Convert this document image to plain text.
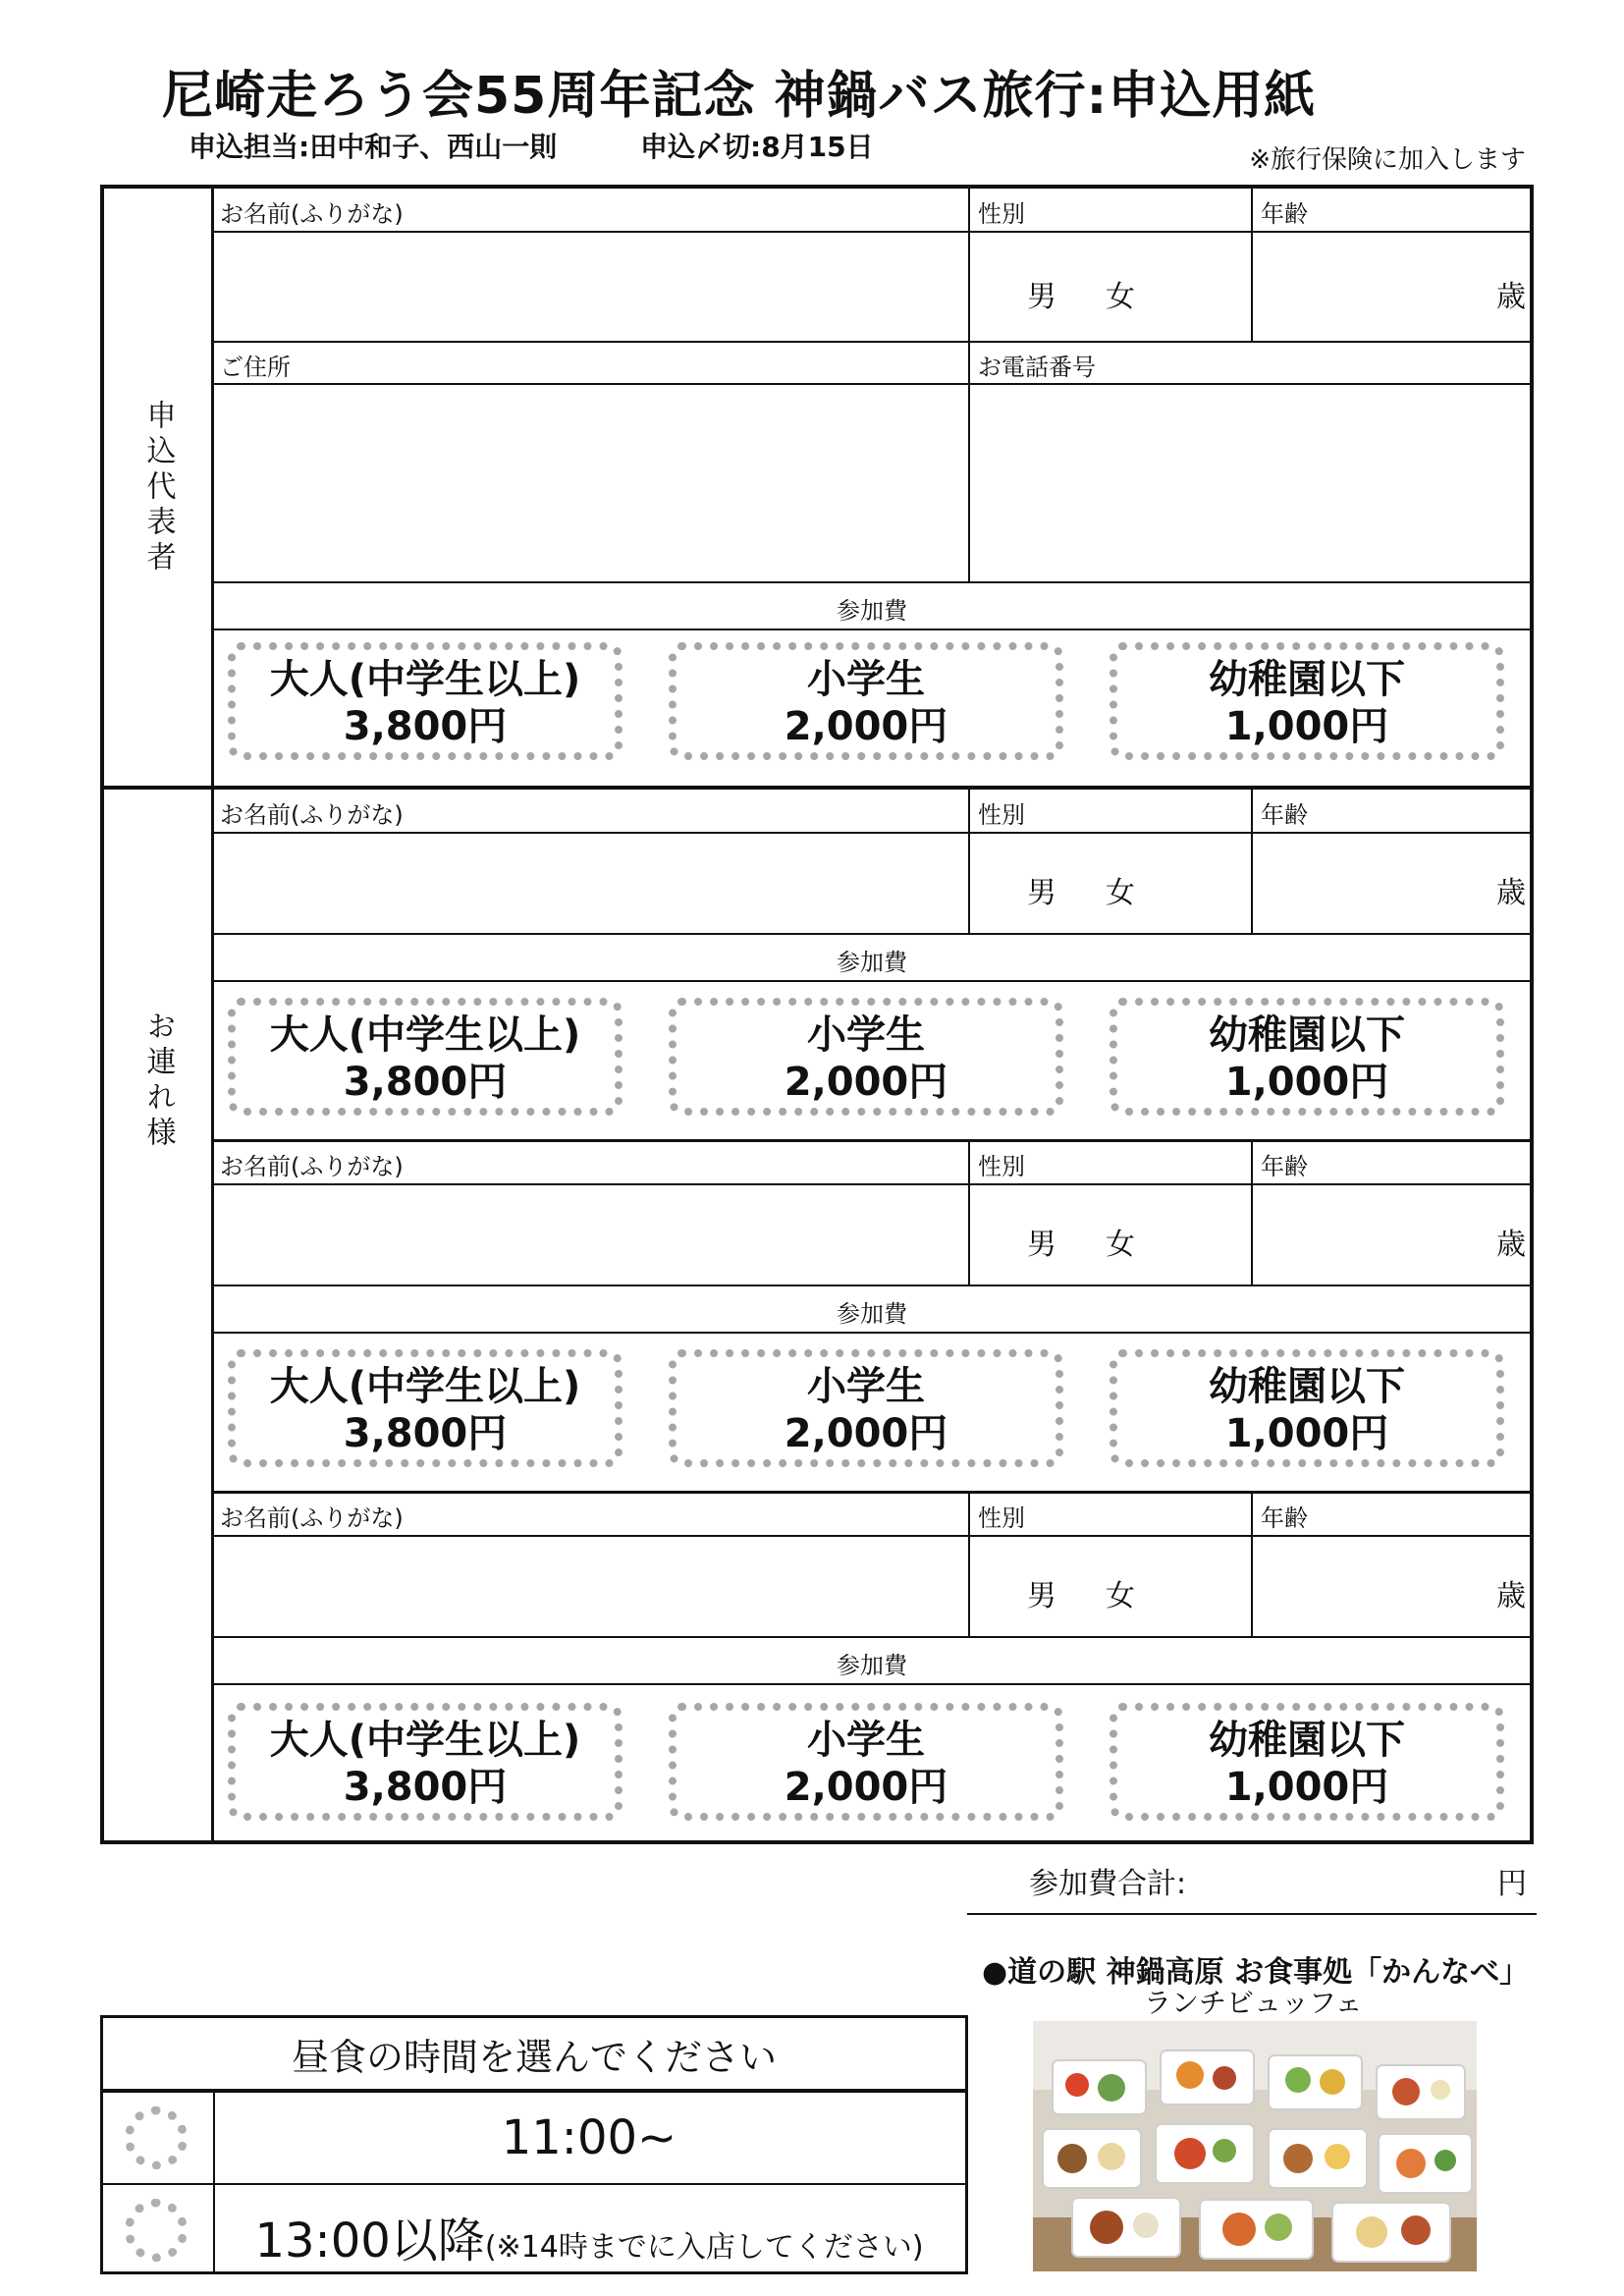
尼崎走ろう会55周年記念 神鍋バス旅行:申込用紙
申込担当:田中和子、西山一則	申込〆切:8月15日	※旅行保険に加入します
申込代表者
お名前(ふりがな)	性別	年齢
男 女	歳
ご住所	お電話番号
参加費
大人(中学生以上)
3,800円
小学生
2,000円
幼稚園以下
1,000円
お連れ様
お名前(ふりがな)	性別	年齢
男 女	歳
参加費
大人(中学生以上)
3,800円
小学生
2,000円
幼稚園以下
1,000円
お名前(ふりがな)	性別	年齢
男 女	歳
参加費
大人(中学生以上)
3,800円
小学生
2,000円
幼稚園以下
1,000円
お名前(ふりがな)	性別	年齢
男 女	歳
参加費
大人(中学生以上)
3,800円
小学生
2,000円
幼稚園以下
1,000円
参加費合計:	円
●道の駅 神鍋高原 お食事処「かんなべ」
ランチビュッフェ
昼食の時間を選んでください
11:00~
13:00以降(※14時までに入店してください)
